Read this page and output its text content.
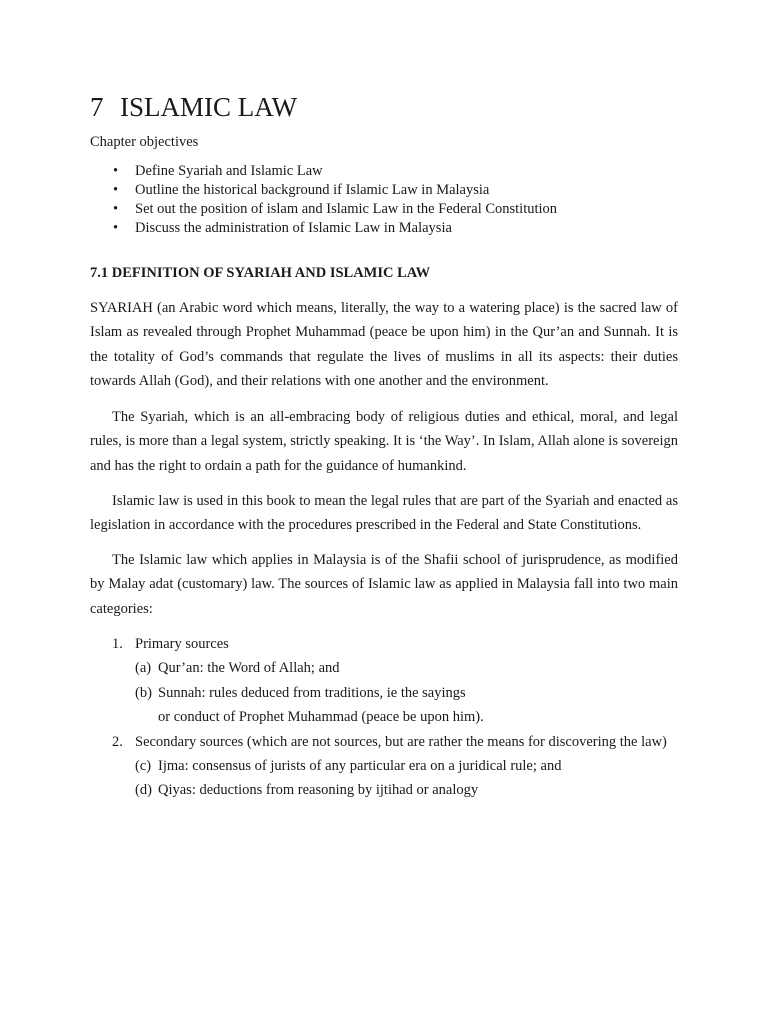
7 ISLAMIC LAW
Chapter objectives
• Define Syariah and Islamic Law
• Outline the historical background if Islamic Law in Malaysia
• Set out the position of islam and Islamic Law in the Federal Constitution
• Discuss the administration of Islamic Law in Malaysia
7.1 DEFINITION OF SYARIAH AND ISLAMIC LAW

SYARIAH (an Arabic word which means, literally, the way to a watering place) is the sacred law of Islam as revealed through Prophet Muhammad (peace be upon him) in the Qur’an and Sunnah. It is the totality of God’s commands that regulate the lives of muslims in all its aspects: their duties towards Allah (God), and their relations with one another and the environment.

The Syariah, which is an all-embracing body of religious duties and ethical, moral, and legal rules, is more than a legal system, strictly speaking. It is ‘the Way’. In Islam, Allah alone is sovereign and has the right to ordain a path for the guidance of humankind.

Islamic law is used in this book to mean the legal rules that are part of the Syariah and enacted as legislation in accordance with the procedures prescribed in the Federal and State Constitutions.

The Islamic law which applies in Malaysia is of the Shafii school of jurisprudence, as modified by Malay adat (customary) law. The sources of Islamic law as applied in Malaysia fall into two main categories:

1. Primary sources
(a) Qur’an: the Word of Allah; and
(b) Sunnah: rules deduced from traditions, ie the sayings
or conduct of Prophet Muhammad (peace be upon him).
2. Secondary sources (which are not sources, but are rather the means for discovering the law)
(c) Ijma: consensus of jurists of any particular era on a juridical rule; and
(d) Qiyas: deductions from reasoning by ijtihad or analogy
